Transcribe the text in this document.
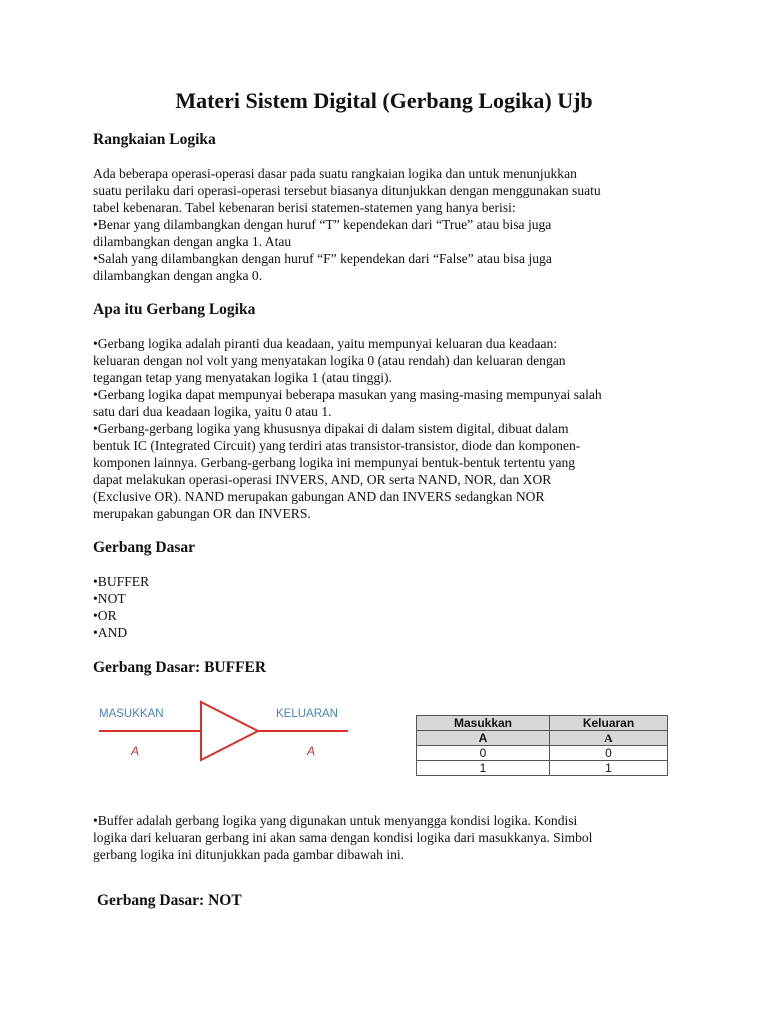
Materi Sistem Digital (Gerbang Logika) Ujb
Rangkaian Logika
Ada beberapa operasi-operasi dasar pada suatu rangkaian logika dan untuk menunjukkan
suatu perilaku dari operasi-operasi tersebut biasanya ditunjukkan dengan menggunakan suatu
tabel kebenaran. Tabel kebenaran berisi statemen-statemen yang hanya berisi:
•Benar yang dilambangkan dengan huruf “T” kependekan dari “True” atau bisa juga
dilambangkan dengan angka 1. Atau
•Salah yang dilambangkan dengan huruf “F” kependekan dari “False” atau bisa juga
dilambangkan dengan angka 0.
Apa itu Gerbang Logika
•Gerbang logika adalah piranti dua keadaan, yaitu mempunyai keluaran dua keadaan:
keluaran dengan nol volt yang menyatakan logika 0 (atau rendah) dan keluaran dengan
tegangan tetap yang menyatakan logika 1 (atau tinggi).
•Gerbang logika dapat mempunyai beberapa masukan yang masing-masing mempunyai salah
satu dari dua keadaan logika, yaitu 0 atau 1.
•Gerbang-gerbang logika yang khususnya dipakai di dalam sistem digital, dibuat dalam
bentuk IC (Integrated Circuit) yang terdiri atas transistor-transistor, diode dan komponen-
komponen lainnya. Gerbang-gerbang logika ini mempunyai bentuk-bentuk tertentu yang
dapat melakukan operasi-operasi INVERS, AND, OR serta NAND, NOR, dan XOR
(Exclusive OR). NAND merupakan gabungan AND dan INVERS sedangkan NOR
merupakan gabungan OR dan INVERS.
Gerbang Dasar
•BUFFER
•NOT
•OR
•AND
Gerbang Dasar: BUFFER
MASUKKAN	KELUARAN
A	A
Masukkan	Keluaran
A	A
0	0
1	1
•Buffer adalah gerbang logika yang digunakan untuk menyangga kondisi logika. Kondisi
logika dari keluaran gerbang ini akan sama dengan kondisi logika dari masukkanya. Simbol
gerbang logika ini ditunjukkan pada gambar dibawah ini.
Gerbang Dasar: NOT
